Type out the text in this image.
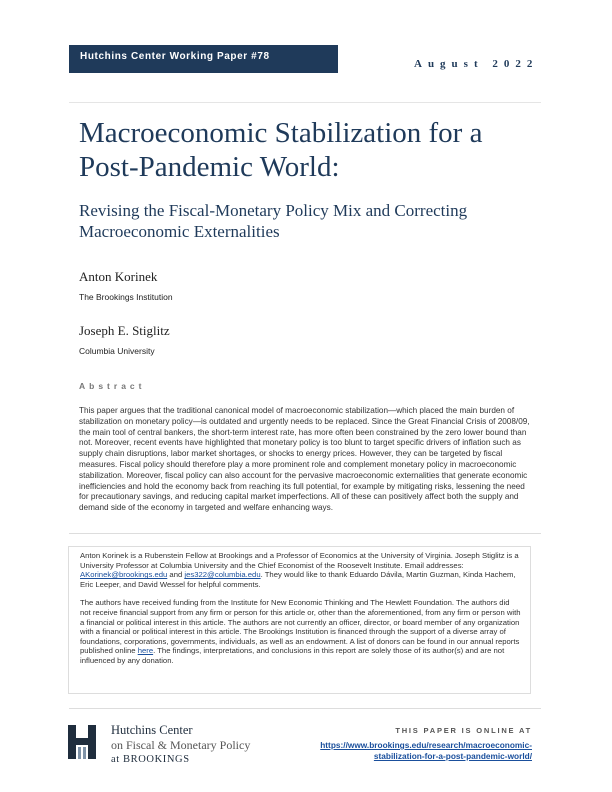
Hutchins Center Working Paper #78
August 2022
Macroeconomic Stabilization for a Post-Pandemic World:
Revising the Fiscal-Monetary Policy Mix and Correcting Macroeconomic Externalities
Anton Korinek
The Brookings Institution
Joseph E. Stiglitz
Columbia University
Abstract

This paper argues that the traditional canonical model of macroeconomic stabilization—which placed the main burden of stabilization on monetary policy—is outdated and urgently needs to be replaced. Since the Great Financial Crisis of 2008/09, the main tool of central bankers, the short-term interest rate, has more often been constrained by the zero lower bound than not. Moreover, recent events have highlighted that monetary policy is too blunt to target specific drivers of inflation such as supply chain disruptions, labor market shortages, or shocks to energy prices. However, they can be targeted by fiscal measures. Fiscal policy should therefore play a more prominent role and complement monetary policy in macroeconomic stabilization. Moreover, fiscal policy can also account for the pervasive macroeconomic externalities that generate economic inefficiencies and hold the economy back from reaching its full potential, for example by mitigating risks, lessening the need for precautionary savings, and reducing capital market imperfections. All of these can positively affect both the supply and demand side of the economy in targeted and welfare enhancing ways.

Anton Korinek is a Rubenstein Fellow at Brookings and a Professor of Economics at the University of Virginia. Joseph Stiglitz is a University Professor at Columbia University and the Chief Economist of the Roosevelt Institute. Email addresses: AKorinek@brookings.edu and jes322@columbia.edu. They would like to thank Eduardo Dávila, Martin Guzman, Kinda Hachem, Eric Leeper, and David Wessel for helpful comments.

The authors have received funding from the Institute for New Economic Thinking and The Hewlett Foundation. The authors did not receive financial support from any firm or person for this article or, other than the aforementioned, from any firm or person with a financial or political interest in this article. The authors are not currently an officer, director, or board member of any organization with a financial or political interest in this article. The Brookings Institution is financed through the support of a diverse array of foundations, corporations, governments, individuals, as well as an endowment. A list of donors can be found in our annual reports published online here. The findings, interpretations, and conclusions in this report are solely those of its author(s) and are not influenced by any donation.

Hutchins Center
on Fiscal & Monetary Policy
at BROOKINGS
THIS PAPER IS ONLINE AT
https://www.brookings.edu/research/macroeconomic-stabilization-for-a-post-pandemic-world/
